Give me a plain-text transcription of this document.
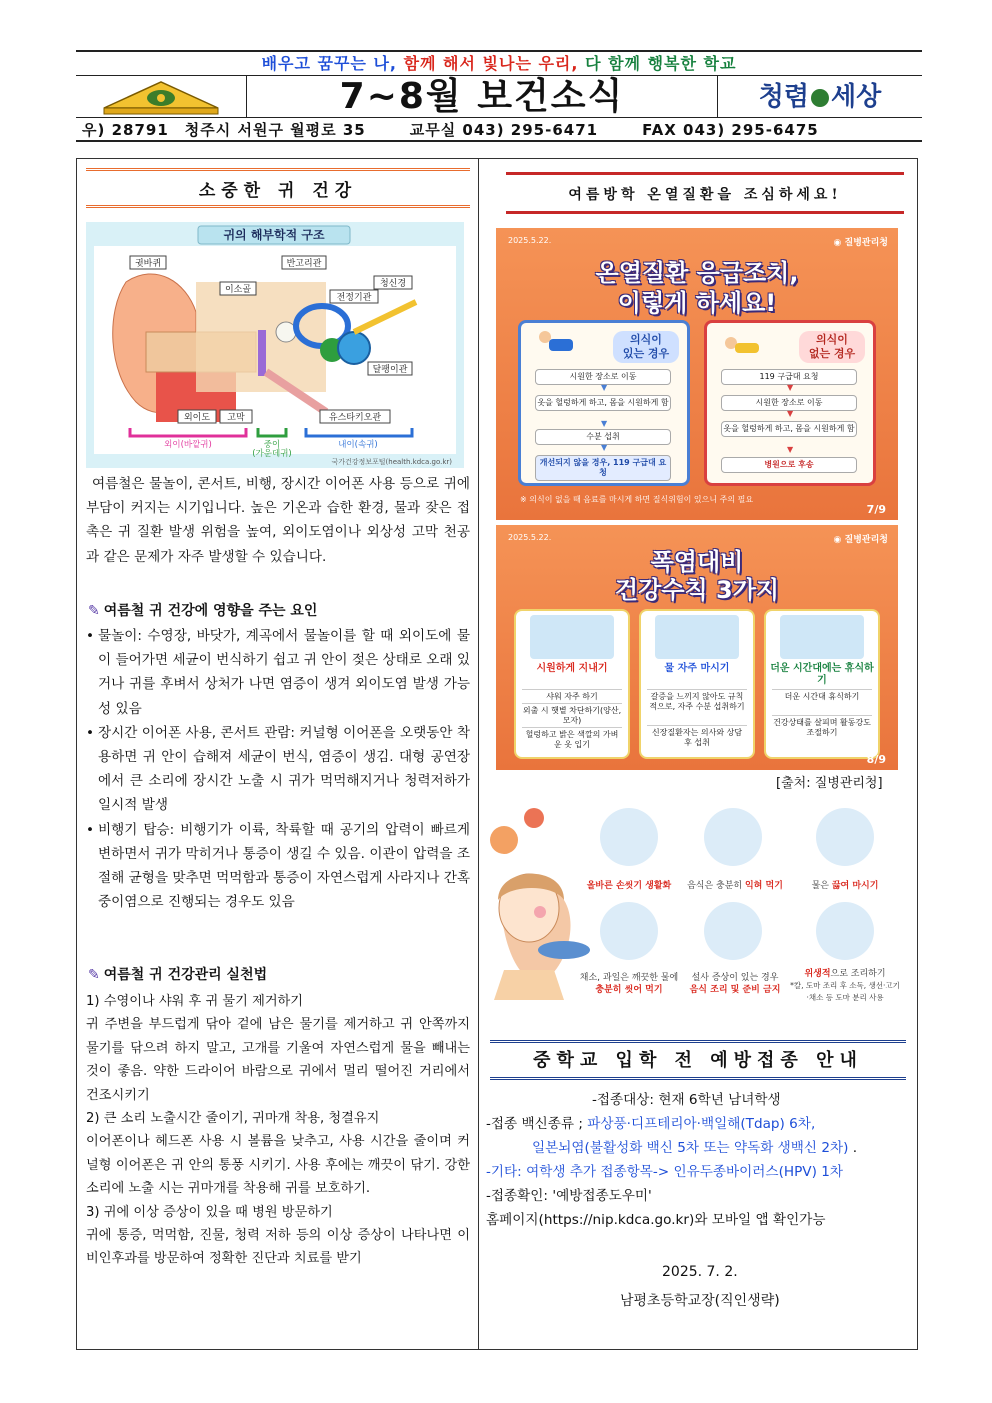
배우고 꿈꾸는 나, 함께 해서 빛나는 우리, 다 함께 행복한 학교
7~8월 보건소식	청렴 세상
우) 28791 청주시 서원구 월평로 35	교무실 043) 295-6471	FAX 043) 295-6475
소중한 귀 건강
귀의 해부학적 구조
귓바퀴
이소골
반고리관
청신경
전정기관
달팽이관
외이도 고막	유스타키오관
외이(바깥귀)	중이
(가운데귀)
내이(속귀)
국가건강정보포털(health.kdca.go.kr)
여름철은 물놀이, 콘서트, 비행, 장시간 이어폰 사용 등으로 귀에 부담이 커지는 시기입니다. 높은 기온과 습한 환경, 물과 잦은 접촉은 귀 질환 발생 위험을 높여, 외이도염이나 외상성 고막 천공과 같은 문제가 자주 발생할 수 있습니다.
✎ 여름철 귀 건강에 영향을 주는 요인
• 물놀이: 수영장, 바닷가, 계곡에서 물놀이를 할 때 외이도에 물이 들어가면 세균이 번식하기 쉽고 귀 안이 젖은 상태로 오래 있거나 귀를 후벼서 상처가 나면 염증이 생겨 외이도염 발생 가능성 있음
• 장시간 이어폰 사용, 콘서트 관람: 커널형 이어폰을 오랫동안 착용하면 귀 안이 습해져 세균이 번식, 염증이 생김. 대형 공연장에서 큰 소리에 장시간 노출 시 귀가 먹먹해지거나 청력저하가 일시적 발생
• 비행기 탑승: 비행기가 이륙, 착륙할 때 공기의 압력이 빠르게 변하면서 귀가 막히거나 통증이 생길 수 있음. 이관이 압력을 조절해 균형을 맞추면 먹먹함과 통증이 자연스럽게 사라지나 간혹 중이염으로 진행되는 경우도 있음
✎ 여름철 귀 건강관리 실천법
1) 수영이나 샤워 후 귀 물기 제거하기
귀 주변을 부드럽게 닦아 겉에 남은 물기를 제거하고 귀 안쪽까지 물기를 닦으려 하지 말고, 고개를 기울여 자연스럽게 물을 빼내는 것이 좋음. 약한 드라이어 바람으로 귀에서 멀리 떨어진 거리에서 건조시키기
2) 큰 소리 노출시간 줄이기, 귀마개 착용, 청결유지
이어폰이나 헤드폰 사용 시 볼륨을 낮추고, 사용 시간을 줄이며 커널형 이어폰은 귀 안의 통풍 시키기. 사용 후에는 깨끗이 닦기. 강한 소리에 노출 시는 귀마개를 착용해 귀를 보호하기.
3) 귀에 이상 증상이 있을 때 병원 방문하기
귀에 통증, 먹먹함, 진물, 청력 저하 등의 이상 증상이 나타나면 이비인후과를 방문하여 정확한 진단과 치료를 받기
여름방학 온열질환을 조심하세요!
2025.5.22.	◉ 질병관리청
온열질환 응급조치,
이렇게 하세요!
의식이
있는 경우
시원한 장소로 이동
▼
옷을 헐렁하게 하고, 몸을 시원하게 함
▼
수분 섭취
▼
개선되지 않을 경우, 119 구급대 요청
의식이
없는 경우
119 구급대 요청
▼
시원한 장소로 이동
▼
옷을 헐렁하게 하고, 몸을 시원하게 함
▼
병원으로 후송
※ 의식이 없을 때 음료를 마시게 하면 질식위험이 있으니 주의 필요
7/9
2025.5.22.	◉ 질병관리청
폭염대비
건강수칙 3가지
시원하게 지내기
샤워 자주 하기
외출 시 햇볕 차단하기(양산, 모자)
헐렁하고 밝은 색깔의 가벼운 옷 입기
물 자주 마시기
갈증을 느끼지 않아도 규칙적으로, 자주 수분 섭취하기
신장질환자는 의사와 상담 후 섭취
더운 시간대에는 휴식하기
더운 시간대 휴식하기
건강상태를 살피며 활동강도 조절하기
8/9
[출처: 질병관리청]
올바른 손씻기 생활화	음식은 충분히 익혀 먹기	물은 끓여 마시기
채소, 과일은 깨끗한 물에
충분히 씻어 먹기
설사 증상이 있는 경우
음식 조리 및 준비 금지
위생적으로 조리하기
*칼, 도마 조리 후 소독, 생선·고기·채소 등 도마 분리 사용
중학교 입학 전 예방접종 안내
-접종대상: 현재 6학년 남녀학생
-접종 백신종류 ; 파상풍·디프테리아·백일해(Tdap) 6차,
일본뇌염(불활성화 백신 5차 또는 약독화 생백신 2차) .
-기타: 여학생 추가 접종항목-> 인유두종바이러스(HPV) 1차
-접종확인: '예방접종도우미'
홈페이지(https://nip.kdca.go.kr)와 모바일 앱 확인가능
2025. 7. 2.
남평초등학교장(직인생략)
